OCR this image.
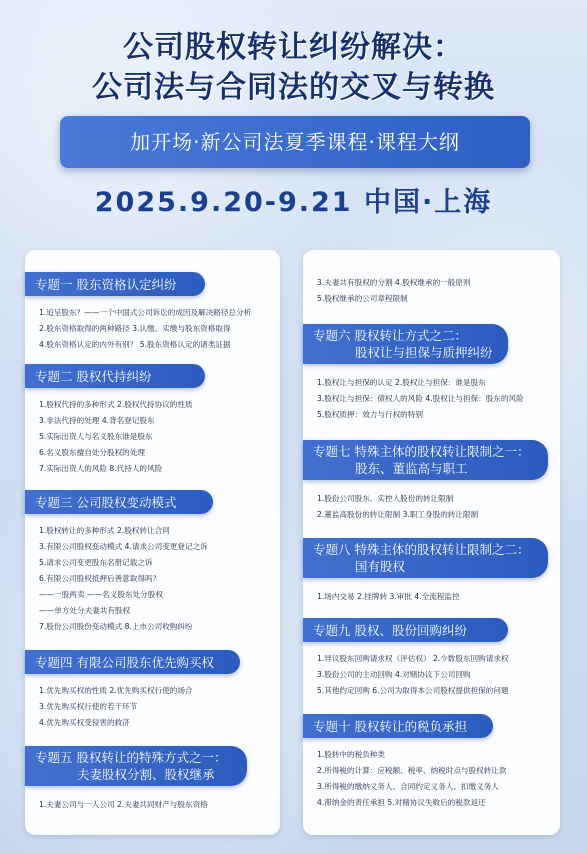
公司股权转让纠纷解决：
公司法与合同法的交叉与转换
加开场·新公司法夏季课程·课程大纲
2025.9.20-9.21 中国·上海
专题一 股东资格认定纠纷
1.追呈股东？——一个中国式公司诉讼的成因及解决路径总分析
2.股东资格取得的两种路径 3.认缴、实缴与股东资格取得
4.股东资格认定的内外有别？ 5.股东资格认定的诸类证据
专题二 股权代持纠纷
1.股权代持的多种形式 2.股权代持协议的性质
3.非法代持的处理 4.背名登记股东
5.实际出资人与名义股东谁是股东
6.名义股东擅自处分股权的处理
7.实际出资人的风险 8.代持人的风险
专题三 公司股权变动模式
1.股权转让的多种形式 2.股权转让合同
3.有限公司股权变动模式 4.请求公司变更登记之诉
5.请求公司变更股东名册记载之诉
6.有限公司股权抵押后善意取得吗？
——一股两卖 ——名义股东处分股权
——单方处分夫妻共有股权
7.股份公司股份变动模式 8.上市公司收购纠纷
专题四 有限公司股东优先购买权
1.优先购买权的性质 2.优先购买权行使的场合
3.优先购买权行使的若干环节
4.优先购买权受侵害的救济
专题五 股权转让的特殊方式之一：
夫妻股权分割、股权继承
1.夫妻公司与一人公司 2.夫妻共同财产与股东资格
3.夫妻共有股权的分割 4.股权继承的一般原则
5.股权继承的公司章程限制
专题六 股权转让方式之二：
股权让与担保与质押纠纷
1.股权让与担保的认定 2.股权让与担保：谁是股东
3.股权让与担保：债权人的风险 4.股权让与担保：股东的风险
5.股权质押：效力与行权的特别
专题七 特殊主体的股权转让限制之一：
股东、董监高与职工
1.股份公司股东、实控人股份的转让限制
2.董监高股份的转让限制 3.职工身股的转让限制
专题八 特殊主体的股权转让限制之二：
国有股权
1.场内交易 2.挂牌转 3.审批 4.全流程监控
专题九 股权、股份回购纠纷
1.异议股东回购请求权（评估权） 2.少数股东回购请求权
3.股份公司的主动回购 4.对赌协议下公司回购
5.其他约定回购 6.公司为取得本公司股权提供担保的问题
专题十 股权转让的税负承担
1.股转中的税负种类
2.所得税的计算：应税额、税率、纳税时点与股权转让款
3.所得税的缴纳义务人、合同约定义务人、扣缴义务人
4.滞纳金的责任承担 5.对赌协议失败后的税款返还
